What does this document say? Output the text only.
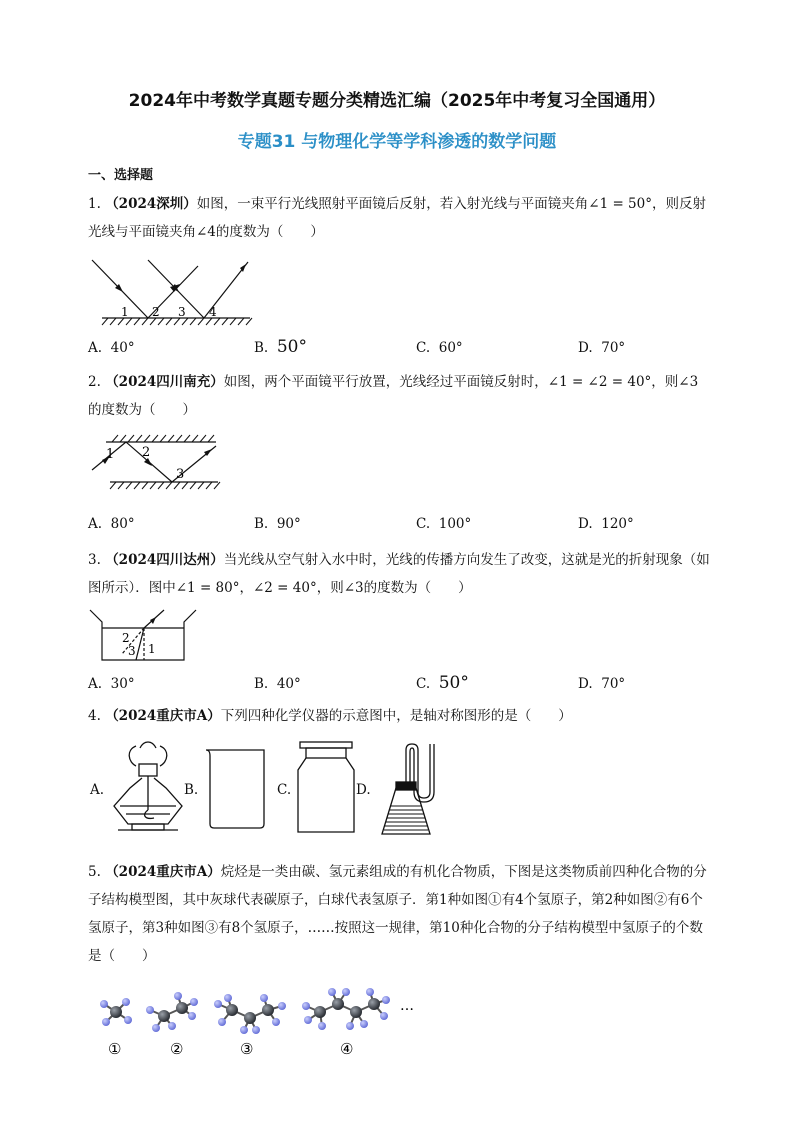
2024年中考数学真题专题分类精选汇编（2025年中考复习全国通用）
专题31 与物理化学等学科渗透的数学问题
一、选择题
1. （2024深圳）如图，一束平行光线照射平面镜后反射，若入射光线与平面镜夹角∠1 = 50°，则反射光线与平面镜夹角∠4的度数为（　　）
1 2 3 4
A. 40°	B. 50°	C. 60°	D. 70°
2. （2024四川南充）如图，两个平面镜平行放置，光线经过平面镜反射时，∠1 = ∠2 = 40°，则∠3的度数为（　　）
1 2
3
A. 80°	B. 90°	C. 100°	D. 120°
3. （2024四川达州）当光线从空气射入水中时，光线的传播方向发生了改变，这就是光的折射现象（如图所示）．图中∠1 = 80°，∠2 = 40°，则∠3的度数为（　　）
2
3 1
A. 30°	B. 40°	C. 50°	D. 70°
4. （2024重庆市A）下列四种化学仪器的示意图中，是轴对称图形的是（　　）
A.	B.	C.	D.
5. （2024重庆市A）烷烃是一类由碳、氢元素组成的有机化合物质，下图是这类物质前四种化合物的分子结构模型图，其中灰球代表碳原子，白球代表氢原子．第1种如图①有4个氢原子，第2种如图②有6个氢原子，第3种如图③有8个氢原子，……按照这一规律，第10种化合物的分子结构模型中氢原子的个数是（　　）
…
①	②	③	④
